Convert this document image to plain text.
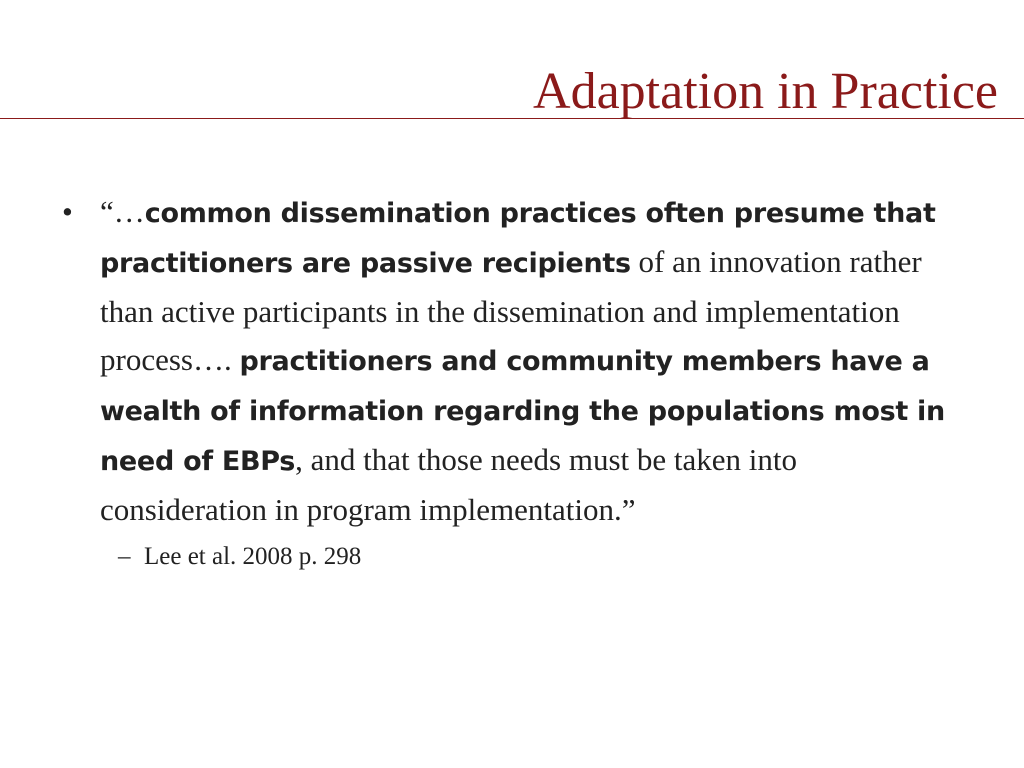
Adaptation in Practice
• “…common dissemination practices often presume that practitioners are passive recipients of an innovation rather than active participants in the dissemination and implementation process…. practitioners and community members have a wealth of information regarding the populations most in need of EBPs, and that those needs must be taken into consideration in program implementation.”
– Lee et al. 2008 p. 298
